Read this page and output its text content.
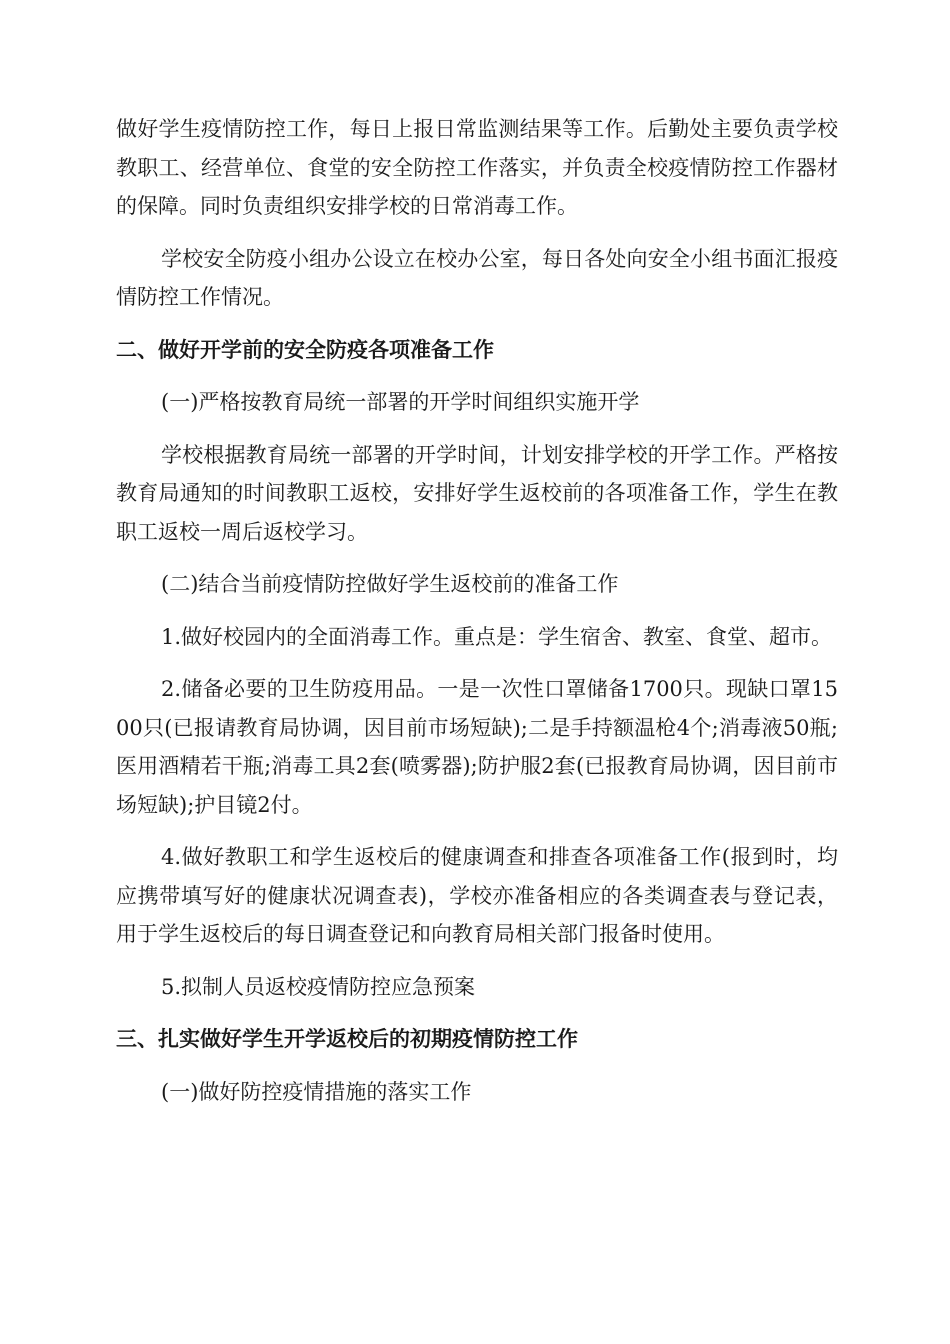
做好学生疫情防控工作，每日上报日常监测结果等工作。后勤处主要负责学校教职工、经营单位、食堂的安全防控工作落实，并负责全校疫情防控工作器材的保障。同时负责组织安排学校的日常消毒工作。

学校安全防疫小组办公设立在校办公室，每日各处向安全小组书面汇报疫情防控工作情况。

二、做好开学前的安全防疫各项准备工作

(一)严格按教育局统一部署的开学时间组织实施开学

学校根据教育局统一部署的开学时间，计划安排学校的开学工作。严格按教育局通知的时间教职工返校，安排好学生返校前的各项准备工作，学生在教职工返校一周后返校学习。

(二)结合当前疫情防控做好学生返校前的准备工作

1.做好校园内的全面消毒工作。重点是：学生宿舍、教室、食堂、超市。

2.储备必要的卫生防疫用品。一是一次性口罩储备1700只。现缺口罩1500只(已报请教育局协调，因目前市场短缺);二是手持额温枪4个;消毒液50瓶;医用酒精若干瓶;消毒工具2套(喷雾器);防护服2套(已报教育局协调，因目前市场短缺);护目镜2付。

4.做好教职工和学生返校后的健康调查和排查各项准备工作(报到时，均应携带填写好的健康状况调查表)，学校亦准备相应的各类调查表与登记表，用于学生返校后的每日调查登记和向教育局相关部门报备时使用。

5.拟制人员返校疫情防控应急预案

三、扎实做好学生开学返校后的初期疫情防控工作

(一)做好防控疫情措施的落实工作
